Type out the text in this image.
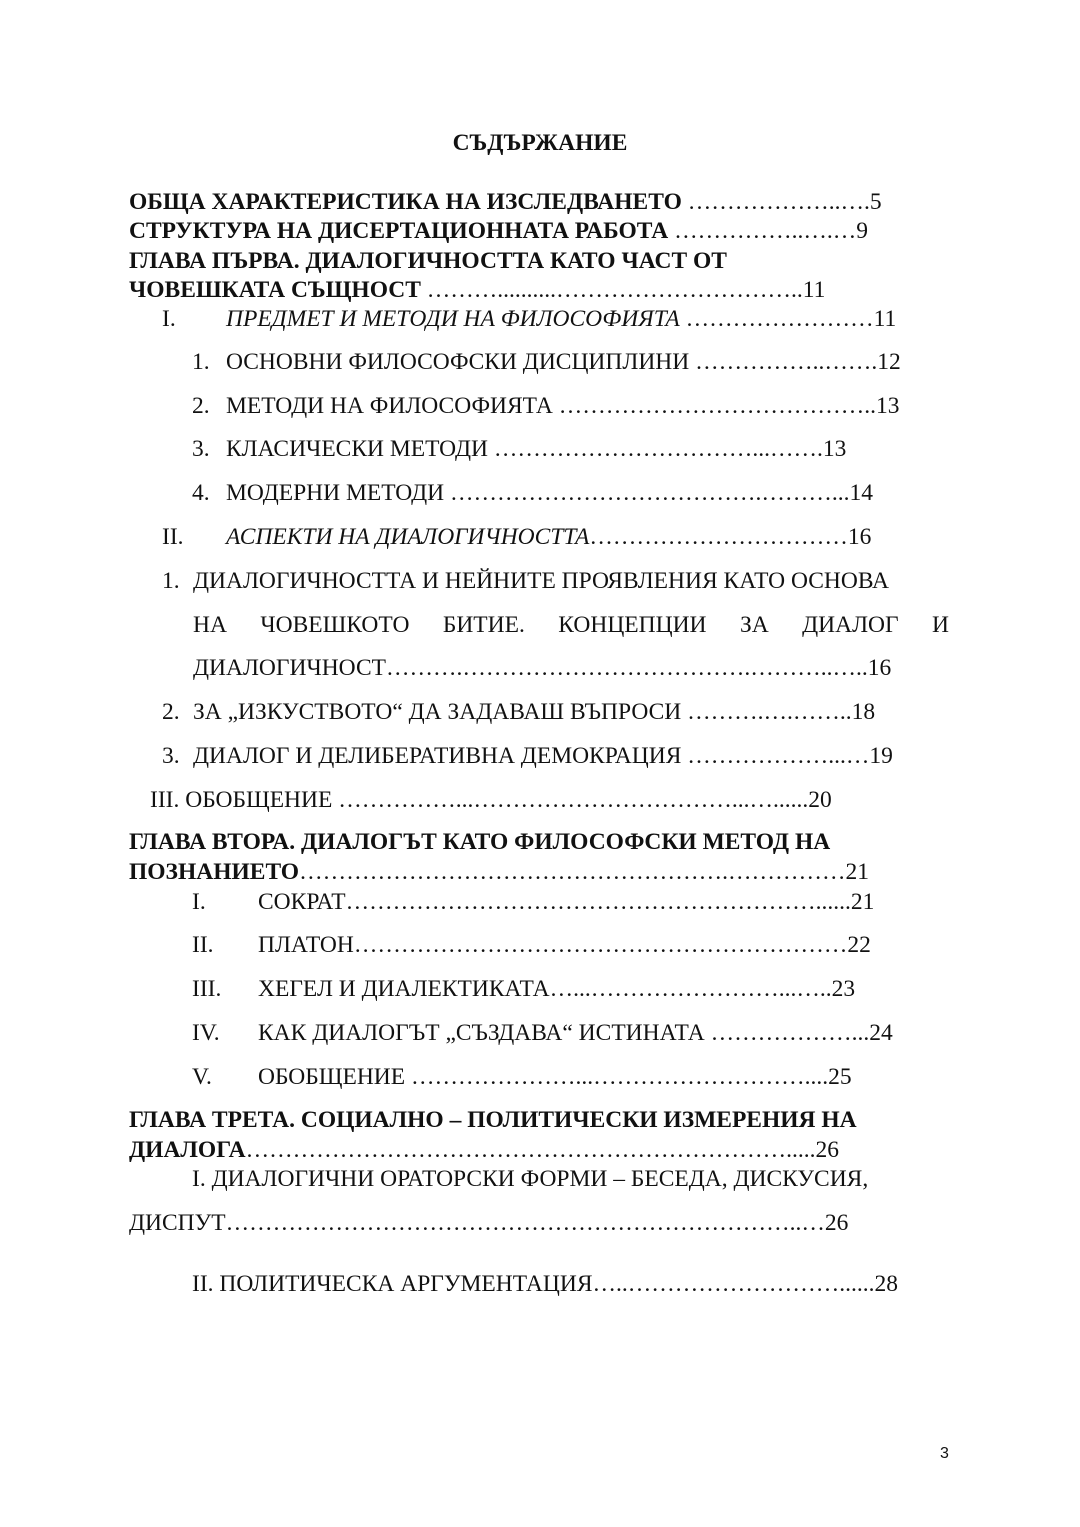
СЪДЪРЖАНИЕ
ОБЩА ХАРАКТЕРИСТИКА НА ИЗСЛЕДВАНЕТО ………………..….5
СТРУКТУРА НА ДИСЕРТАЦИОННАТА РАБОТА ……………..….…9
ГЛАВА ПЪРВА. ДИАЛОГИЧНОСТТА КАТО ЧАСТ ОТ
ЧОВЕШКАТА СЪЩНОСТ ………..........…………………………..11
I. ПРЕДМЕТ И МЕТОДИ НА ФИЛОСОФИЯТА ……………………11
1. ОСНОВНИ ФИЛОСОФСКИ ДИСЦИПЛИНИ ……………..…….12
2. МЕТОДИ НА ФИЛОСОФИЯТА …………………………………..13
3. КЛАСИЧЕСКИ МЕТОДИ ……………………………...…….13
4. МОДЕРНИ МЕТОДИ ………………………………….………...14
II. АСПЕКТИ НА ДИАЛОГИЧНОСТТА……………………………16
1. ДИАЛОГИЧНОСТТА И НЕЙНИТЕ ПРОЯВЛЕНИЯ КАТО ОСНОВА
НА ЧОВЕШКОТО БИТИЕ. КОНЦЕПЦИИ ЗА ДИАЛОГ И
ДИАЛОГИЧНОСТ……….……………………………….………..…..16
2. ЗА „ИЗКУСТВОТО“ ДА ЗАДАВАШ ВЪПРОСИ ……….….……..18
3. ДИАЛОГ И ДЕЛИБЕРАТИВНА ДЕМОКРАЦИЯ ………………...…19
III. ОБОБЩЕНИЕ ……………...……………………………...…......20
ГЛАВА ВТОРА. ДИАЛОГЪТ КАТО ФИЛОСОФСКИ МЕТОД НА
ПОЗНАНИЕТО……………………………………………….……………21
I. СОКРАТ……………………………………………………......21
II. ПЛАТОН………………………………………………………22
III. ХЕГЕЛ И ДИАЛЕКТИКАТА…...……………………...…..23
IV. КАК ДИАЛОГЪТ „СЪЗДАВА“ ИСТИНАТА ………………...24
V. ОБОБЩЕНИЕ …………………...………………………....25
ГЛАВА ТРЕТА. СОЦИАЛНО – ПОЛИТИЧЕСКИ ИЗМЕРЕНИЯ НА
ДИАЛОГА…………………………………………………………….....26
I. ДИАЛОГИЧНИ ОРАТОРСКИ ФОРМИ – БЕСЕДА, ДИСКУСИЯ,
ДИСПУТ………………………………………………………………..…26
II. ПОЛИТИЧЕСКА АРГУМЕНТАЦИЯ…..………………………......28
3
